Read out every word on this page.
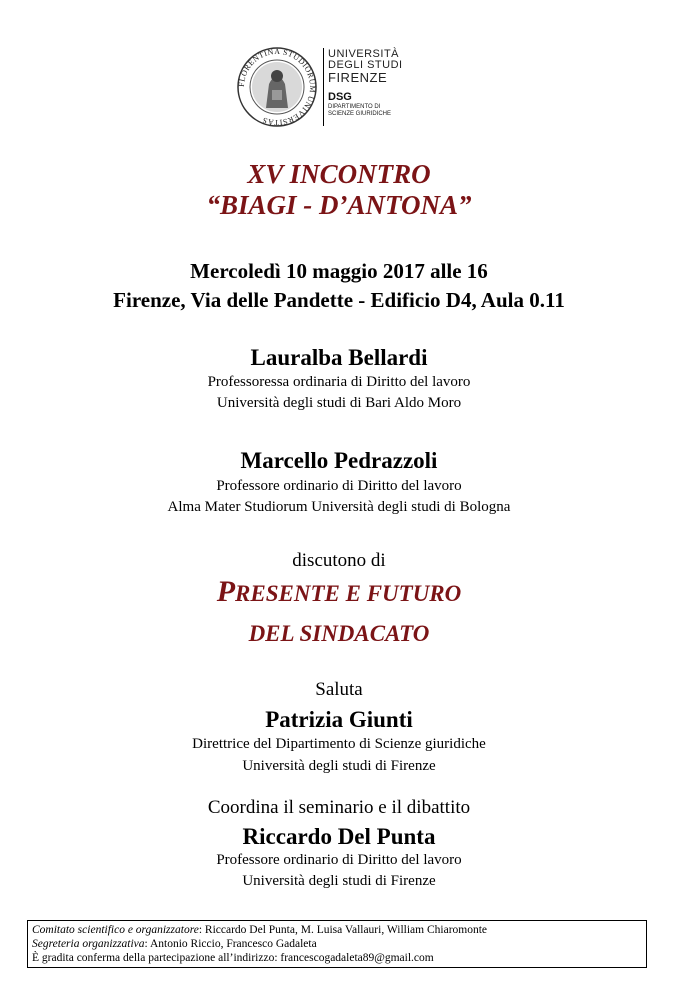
FLORENTINA STUDIORUM UNIVERSITAS
UNIVERSITÀ
DEGLI STUDI
FIRENZE
DSG
DIPARTIMENTO DI
SCIENZE GIURIDICHE
XV INCONTRO
“BIAGI - D’ANTONA”
Mercoledì 10 maggio 2017 alle 16
Firenze, Via delle Pandette - Edificio D4, Aula 0.11
Lauralba Bellardi
Professoressa ordinaria di Diritto del lavoro
Università degli studi di Bari Aldo Moro
Marcello Pedrazzoli
Professore ordinario di Diritto del lavoro
Alma Mater Studiorum Università degli studi di Bologna
discutono di
PRESENTE E FUTURO
DEL SINDACATO
Saluta
Patrizia Giunti
Direttrice del Dipartimento di Scienze giuridiche
Università degli studi di Firenze
Coordina il seminario e il dibattito
Riccardo Del Punta
Professore ordinario di Diritto del lavoro
Università degli studi di Firenze
Comitato scientifico e organizzatore: Riccardo Del Punta, M. Luisa Vallauri, William Chiaromonte
Segreteria organizzativa: Antonio Riccio, Francesco Gadaleta
È gradita conferma della partecipazione all’indirizzo: francescogadaleta89@gmail.com
